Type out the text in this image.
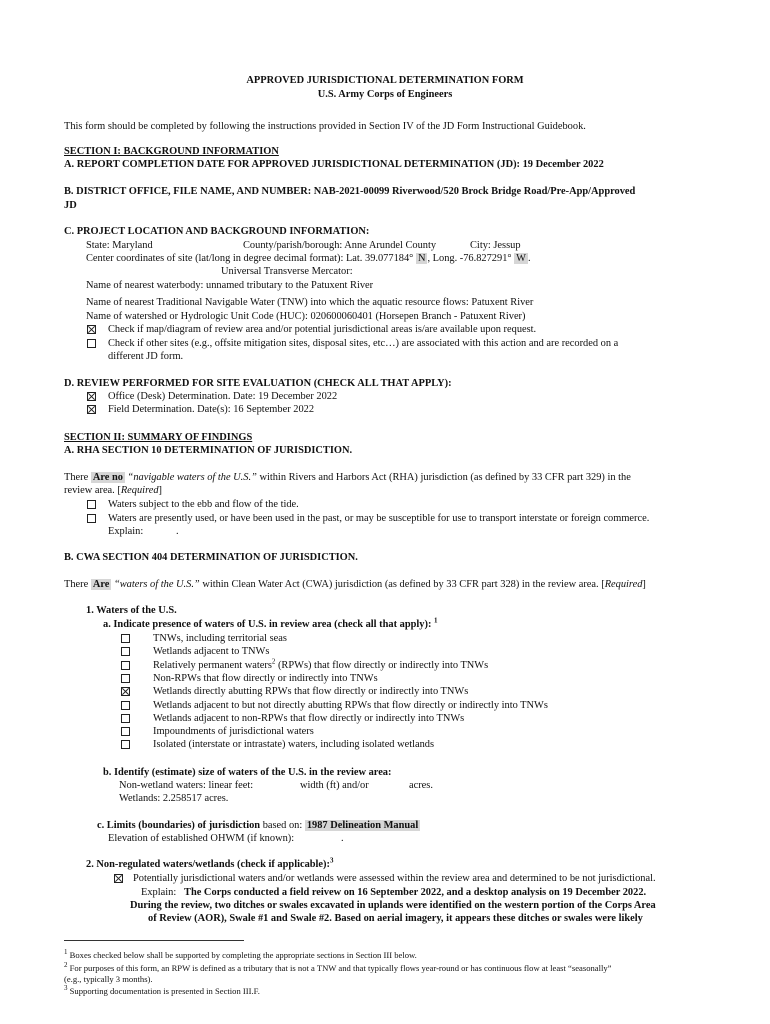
APPROVED JURISDICTIONAL DETERMINATION FORM
U.S. Army Corps of Engineers
This form should be completed by following the instructions provided in Section IV of the JD Form Instructional Guidebook.
SECTION I: BACKGROUND INFORMATION
A. REPORT COMPLETION DATE FOR APPROVED JURISDICTIONAL DETERMINATION (JD): 19 December 2022
B. DISTRICT OFFICE, FILE NAME, AND NUMBER: NAB-2021-00099 Riverwood/520 Brock Bridge Road/Pre-App/Approved
JD
C. PROJECT LOCATION AND BACKGROUND INFORMATION:
State: Maryland	County/parish/borough: Anne Arundel County	City: Jessup
Center coordinates of site (lat/long in degree decimal format): Lat. 39.077184° N , Long. -76.827291° W .
Universal Transverse Mercator:
Name of nearest waterbody: unnamed tributary to the Patuxent River
Name of nearest Traditional Navigable Water (TNW) into which the aquatic resource flows: Patuxent River
Name of watershed or Hydrologic Unit Code (HUC): 020600060401 (Horsepen Branch - Patuxent River)
Check if map/diagram of review area and/or potential jurisdictional areas is/are available upon request.
Check if other sites (e.g., offsite mitigation sites, disposal sites, etc…) are associated with this action and are recorded on a
different JD form.
D. REVIEW PERFORMED FOR SITE EVALUATION (CHECK ALL THAT APPLY):
Office (Desk) Determination. Date: 19 December 2022
Field Determination. Date(s): 16 September 2022
SECTION II: SUMMARY OF FINDINGS
A. RHA SECTION 10 DETERMINATION OF JURISDICTION.
There Are no “navigable waters of the U.S.” within Rivers and Harbors Act (RHA) jurisdiction (as defined by 33 CFR part 329) in the
review area. [Required]
Waters subject to the ebb and flow of the tide.
Waters are presently used, or have been used in the past, or may be susceptible for use to transport interstate or foreign commerce.
Explain:	.
B. CWA SECTION 404 DETERMINATION OF JURISDICTION.
There Are “waters of the U.S.” within Clean Water Act (CWA) jurisdiction (as defined by 33 CFR part 328) in the review area. [Required]
1. Waters of the U.S.
a. Indicate presence of waters of U.S. in review area (check all that apply): $^1$
TNWs, including territorial seas
Wetlands adjacent to TNWs
Relatively permanent waters$^2$ (RPWs) that flow directly or indirectly into TNWs
Non-RPWs that flow directly or indirectly into TNWs
Wetlands directly abutting RPWs that flow directly or indirectly into TNWs
Wetlands adjacent to but not directly abutting RPWs that flow directly or indirectly into TNWs
Wetlands adjacent to non-RPWs that flow directly or indirectly into TNWs
Impoundments of jurisdictional waters
Isolated (interstate or intrastate) waters, including isolated wetlands
b. Identify (estimate) size of waters of the U.S. in the review area:
Non-wetland waters: linear feet:	width (ft) and/or	acres.
Wetlands: 2.258517 acres.
c. Limits (boundaries) of jurisdiction based on: 1987 Delineation Manual
Elevation of established OHWM (if known):	.
2. Non-regulated waters/wetlands (check if applicable):$^3$
Potentially jurisdictional waters and/or wetlands were assessed within the review area and determined to be not jurisdictional.
Explain: The Corps conducted a field reivew on 16 September 2022, and a desktop analysis on 19 December 2022.
During the review, two ditches or swales excavated in uplands were identified on the western portion of the Corps Area
of Review (AOR), Swale #1 and Swale #2. Based on aerial imagery, it appears these ditches or swales were likely
$^1$ Boxes checked below shall be supported by completing the appropriate sections in Section III below.
$^2$ For purposes of this form, an RPW is defined as a tributary that is not a TNW and that typically flows year-round or has continuous flow at least “seasonally”
(e.g., typically 3 months).
$^3$ Supporting documentation is presented in Section III.F.
